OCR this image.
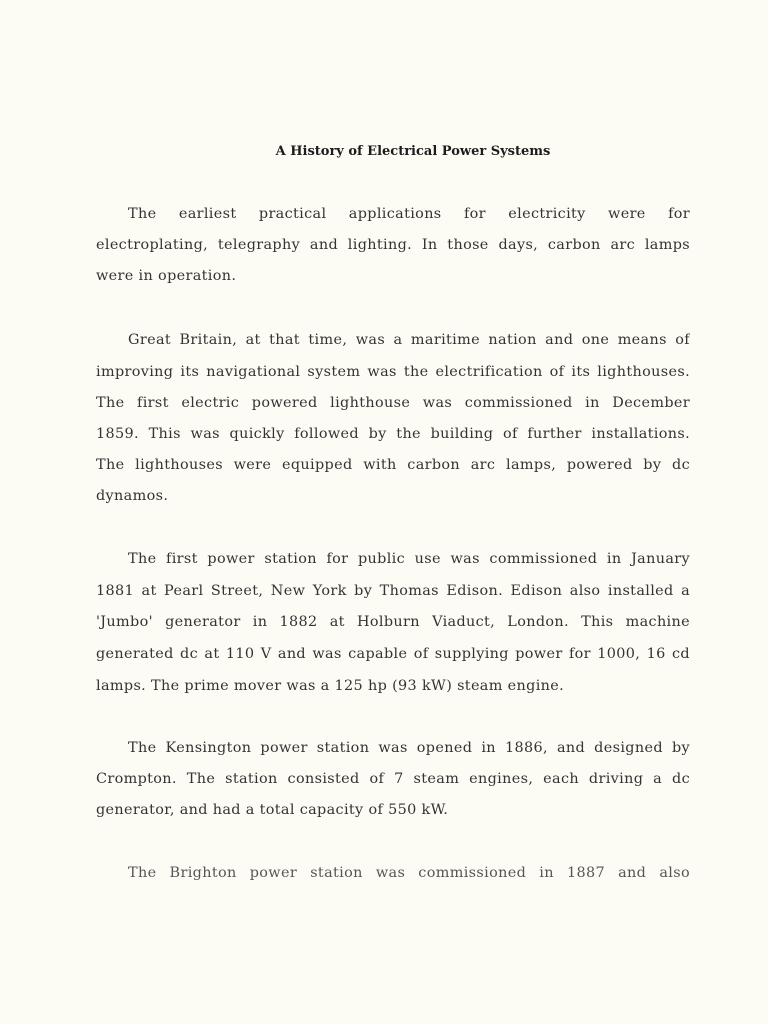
A History of Electrical Power Systems
The earliest practical applications for electricity were for
electroplating, telegraphy and lighting. In those days, carbon arc lamps
were in operation.
Great Britain, at that time, was a maritime nation and one means of
improving its navigational system was the electrification of its lighthouses.
The first electric powered lighthouse was commissioned in December
1859. This was quickly followed by the building of further installations.
The lighthouses were equipped with carbon arc lamps, powered by dc
dynamos.
The first power station for public use was commissioned in January
1881 at Pearl Street, New York by Thomas Edison. Edison also installed a
'Jumbo' generator in 1882 at Holburn Viaduct, London. This machine
generated dc at 110 V and was capable of supplying power for 1000, 16 cd
lamps. The prime mover was a 125 hp (93 kW) steam engine.
The Kensington power station was opened in 1886, and designed by
Crompton. The station consisted of 7 steam engines, each driving a dc
generator, and had a total capacity of 550 kW.
The Brighton power station was commissioned in 1887 and also
